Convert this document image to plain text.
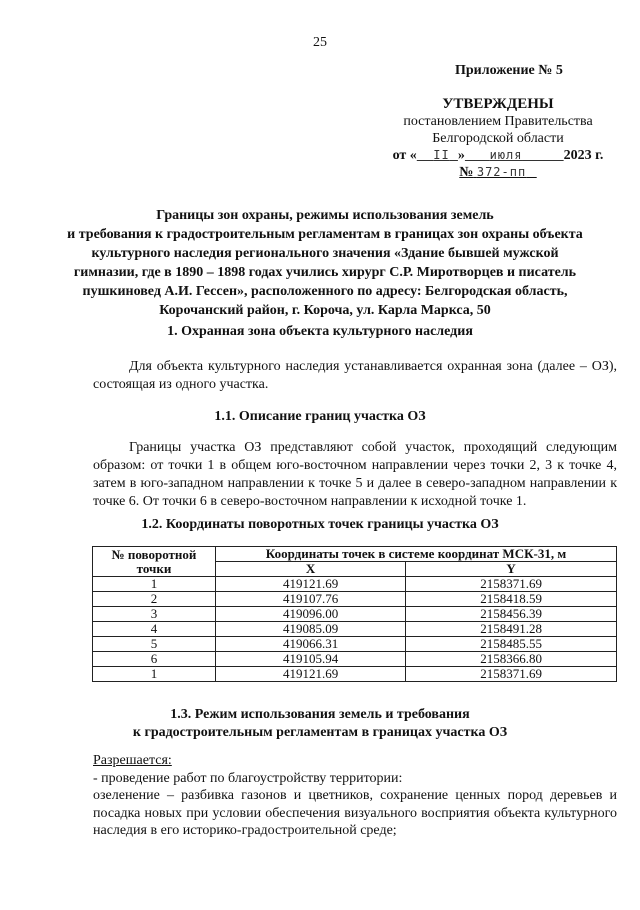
25
Приложение № 5
УТВЕРЖДЕНЫ
постановлением Правительства
Белгородской области
от « II » июля	2023 г.
№ 372-пп
Границы зон охраны, режимы использования земель
и требования к градостроительным регламентам в границах зон охраны объекта
культурного наследия регионального значения «Здание бывшей мужской
гимназии, где в 1890 – 1898 годах учились хирург С.Р. Миротворцев и писатель
пушкиновед А.И. Гессен», расположенного по адресу: Белгородская область,
Корочанский район, г. Короча, ул. Карла Маркса, 50
1. Охранная зона объекта культурного наследия
Для объекта культурного наследия устанавливается охранная зона (далее – ОЗ), состоящая из одного участка.
1.1. Описание границ участка ОЗ
Границы участка ОЗ представляют собой участок, проходящий следующим образом: от точки 1 в общем юго-восточном направлении через точки 2, 3 к точке 4, затем в юго-западном направлении к точке 5 и далее в северо-западном направлении к точке 6. От точки 6 в северо-восточном направлении к исходной точке 1.
1.2. Координаты поворотных точек границы участка ОЗ
№ поворотной точки	Координаты точек в системе координат МСК-31, м	
	X	Y
1	419121.69	2158371.69
2	419107.76	2158418.59
3	419096.00	2158456.39
4	419085.09	2158491.28
5	419066.31	2158485.55
6	419105.94	2158366.80
1	419121.69	2158371.69
1.3. Режим использования земель и требования
к градостроительным регламентам в границах участка ОЗ
Разрешается:
- проведение работ по благоустройству территории:
озеленение – разбивка газонов и цветников, сохранение ценных пород деревьев и посадка новых при условии обеспечения визуального восприятия объекта культурного наследия в его историко-градостроительной среде;
